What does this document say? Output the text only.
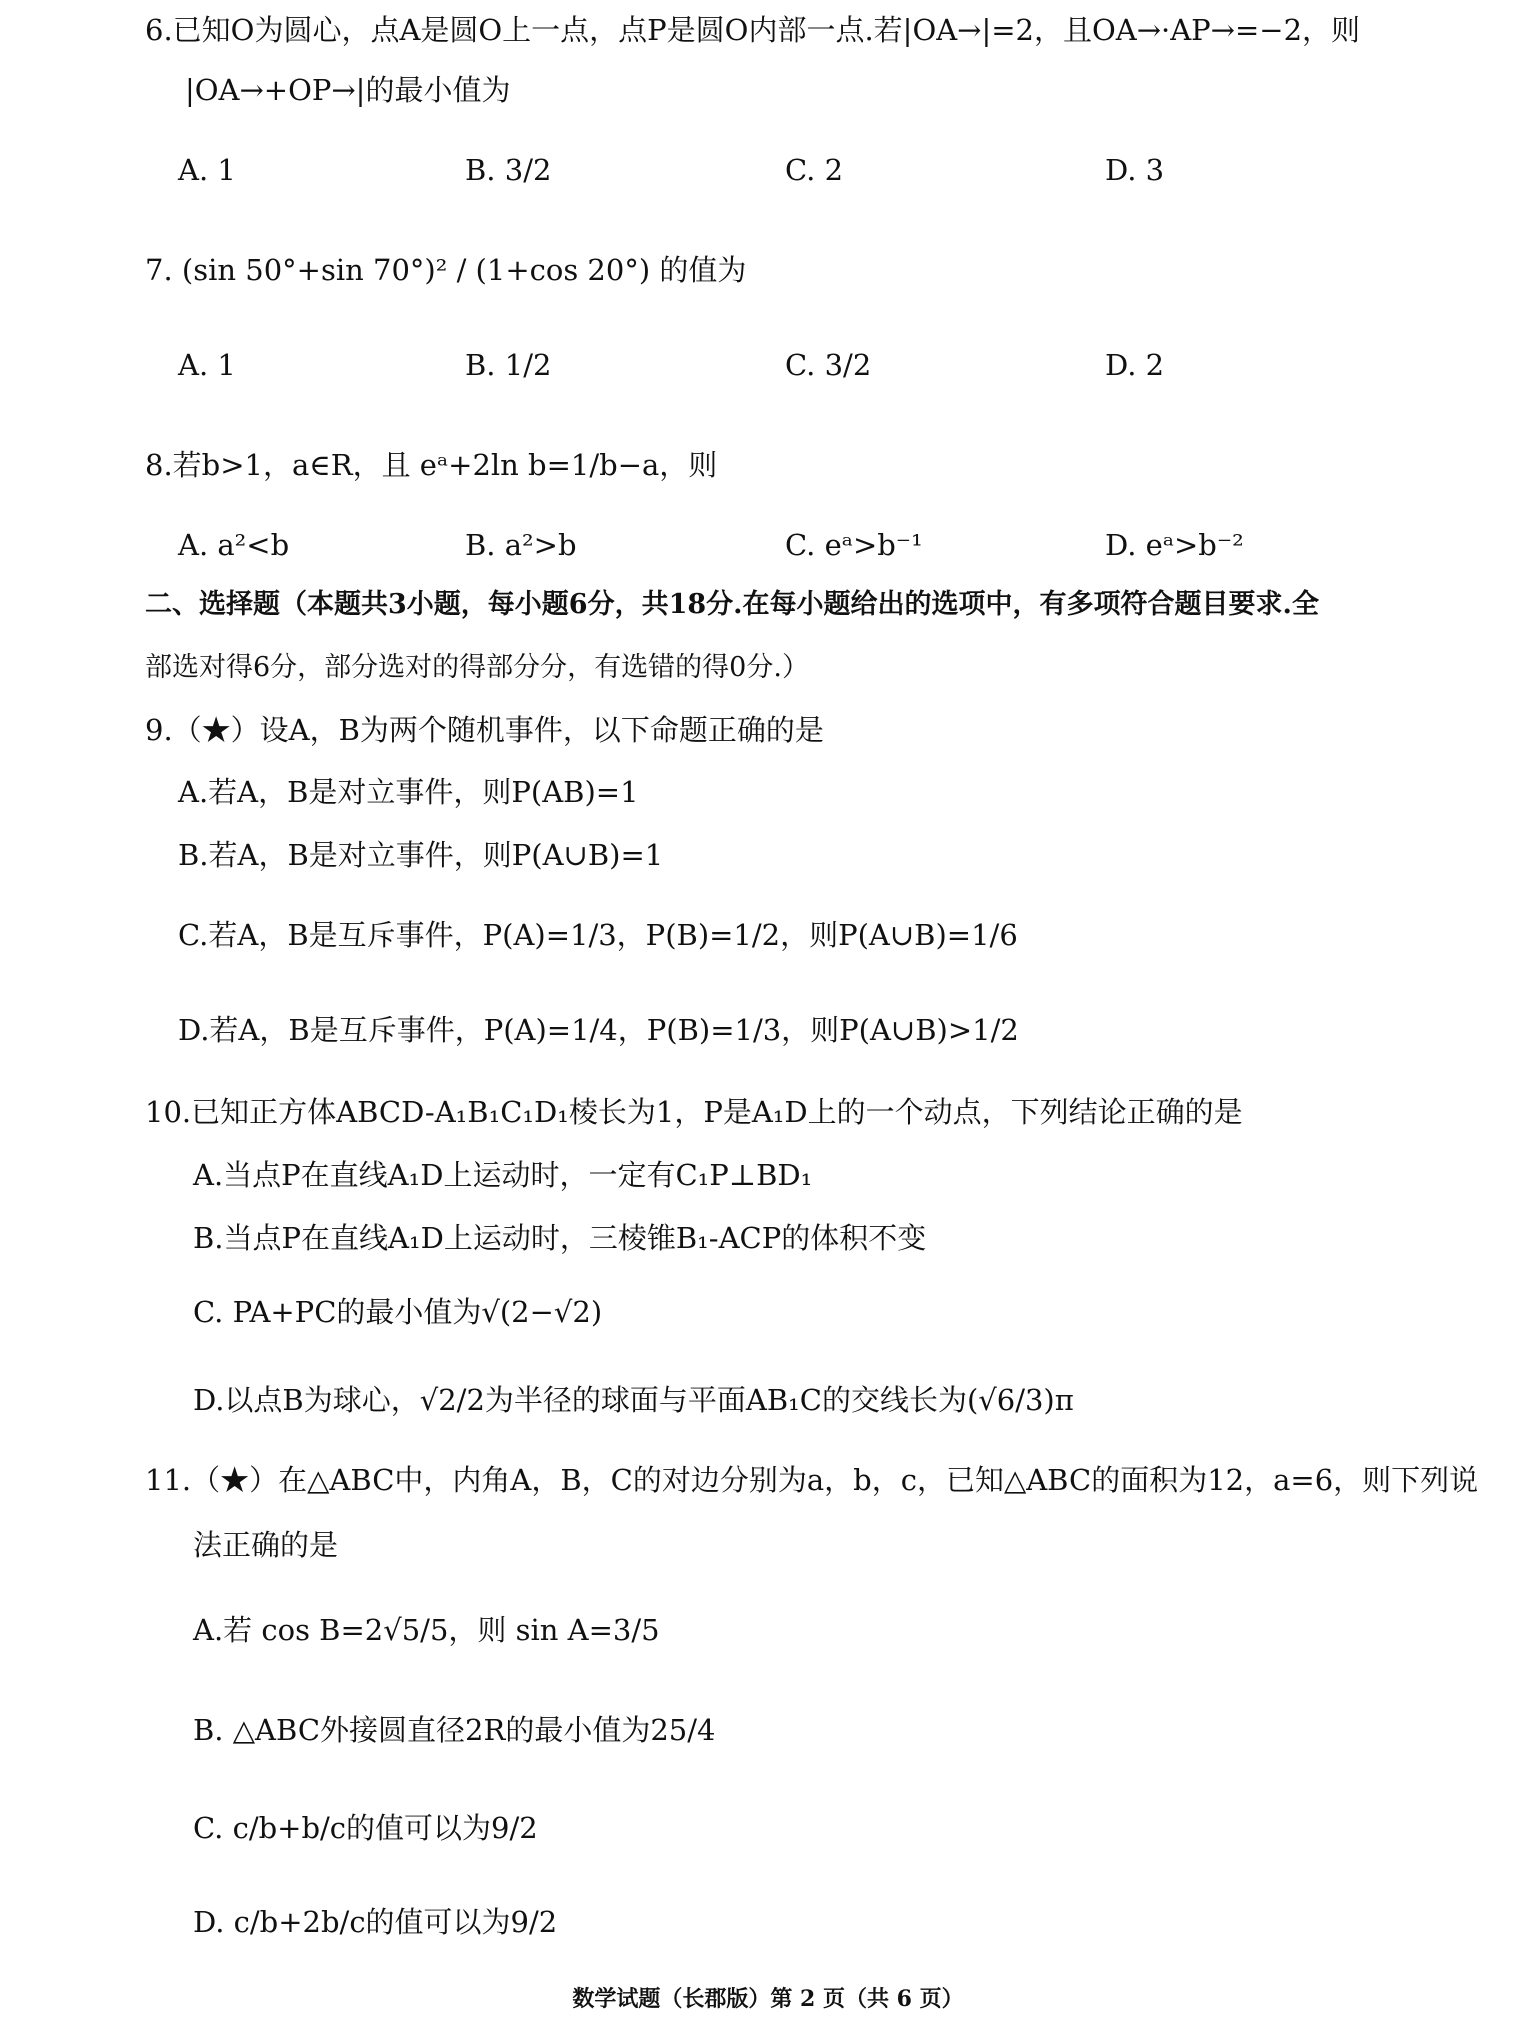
6.已知O为圆心，点A是圆O上一点，点P是圆O内部一点.若|OA→|=2，且OA→·AP→=−2，则
|OA→+OP→|的最小值为
A. 1	B. 3/2	C. 2	D. 3
7. (sin 50°+sin 70°)² / (1+cos 20°) 的值为
A. 1	B. 1/2	C. 3/2	D. 2
8.若b>1，a∈R，且 eᵃ+2ln b=1/b−a，则
A. a²<b	B. a²>b	C. eᵃ>b⁻¹	D. eᵃ>b⁻²
二、选择题（本题共3小题，每小题6分，共18分.在每小题给出的选项中，有多项符合题目要求.全
部选对得6分，部分选对的得部分分，有选错的得0分.）
9.（★）设A，B为两个随机事件，以下命题正确的是
A.若A，B是对立事件，则P(AB)=1
B.若A，B是对立事件，则P(A∪B)=1
C.若A，B是互斥事件，P(A)=1/3，P(B)=1/2，则P(A∪B)=1/6
D.若A，B是互斥事件，P(A)=1/4，P(B)=1/3，则P(A∪B)>1/2
10.已知正方体ABCD-A₁B₁C₁D₁棱长为1，P是A₁D上的一个动点，下列结论正确的是
A.当点P在直线A₁D上运动时，一定有C₁P⊥BD₁
B.当点P在直线A₁D上运动时，三棱锥B₁-ACP的体积不变
C. PA+PC的最小值为√(2−√2)
D.以点B为球心，√2/2为半径的球面与平面AB₁C的交线长为(√6/3)π
11.（★）在△ABC中，内角A，B，C的对边分别为a，b，c，已知△ABC的面积为12，a=6，则下列说
法正确的是
A.若 cos B=2√5/5，则 sin A=3/5
B. △ABC外接圆直径2R的最小值为25/4
C. c/b+b/c的值可以为9/2
D. c/b+2b/c的值可以为9/2
数学试题（长郡版）第 2 页（共 6 页）
